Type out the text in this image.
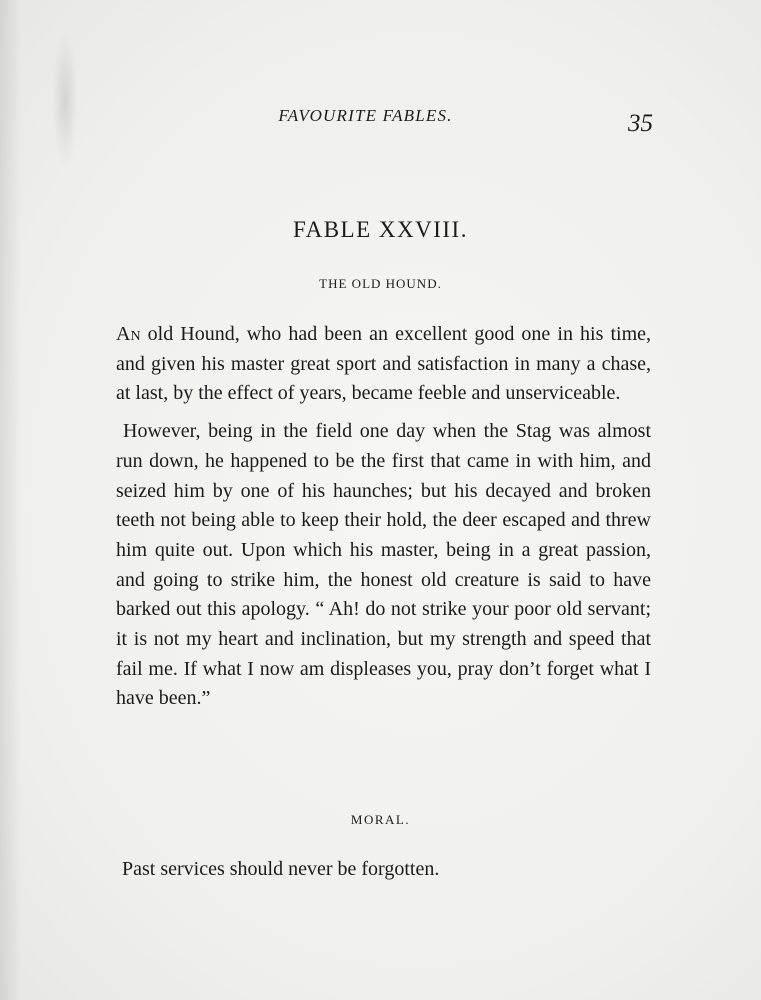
FAVOURITE FABLES.	35
FABLE XXVIII.
THE OLD HOUND.

An old Hound, who had been an excellent good one in his time, and given his master great sport and satisfaction in many a chase, at last, by the effect of years, became feeble and unserviceable.

However, being in the field one day when the Stag was almost run down, he happened to be the first that came in with him, and seized him by one of his haunches; but his decayed and broken teeth not being able to keep their hold, the deer escaped and threw him quite out. Upon which his master, being in a great passion, and going to strike him, the honest old creature is said to have barked out this apology. “ Ah! do not strike your poor old servant; it is not my heart and inclination, but my strength and speed that fail me. If what I now am displeases you, pray don’t forget what I have been.”

MORAL.
Past services should never be forgotten.
